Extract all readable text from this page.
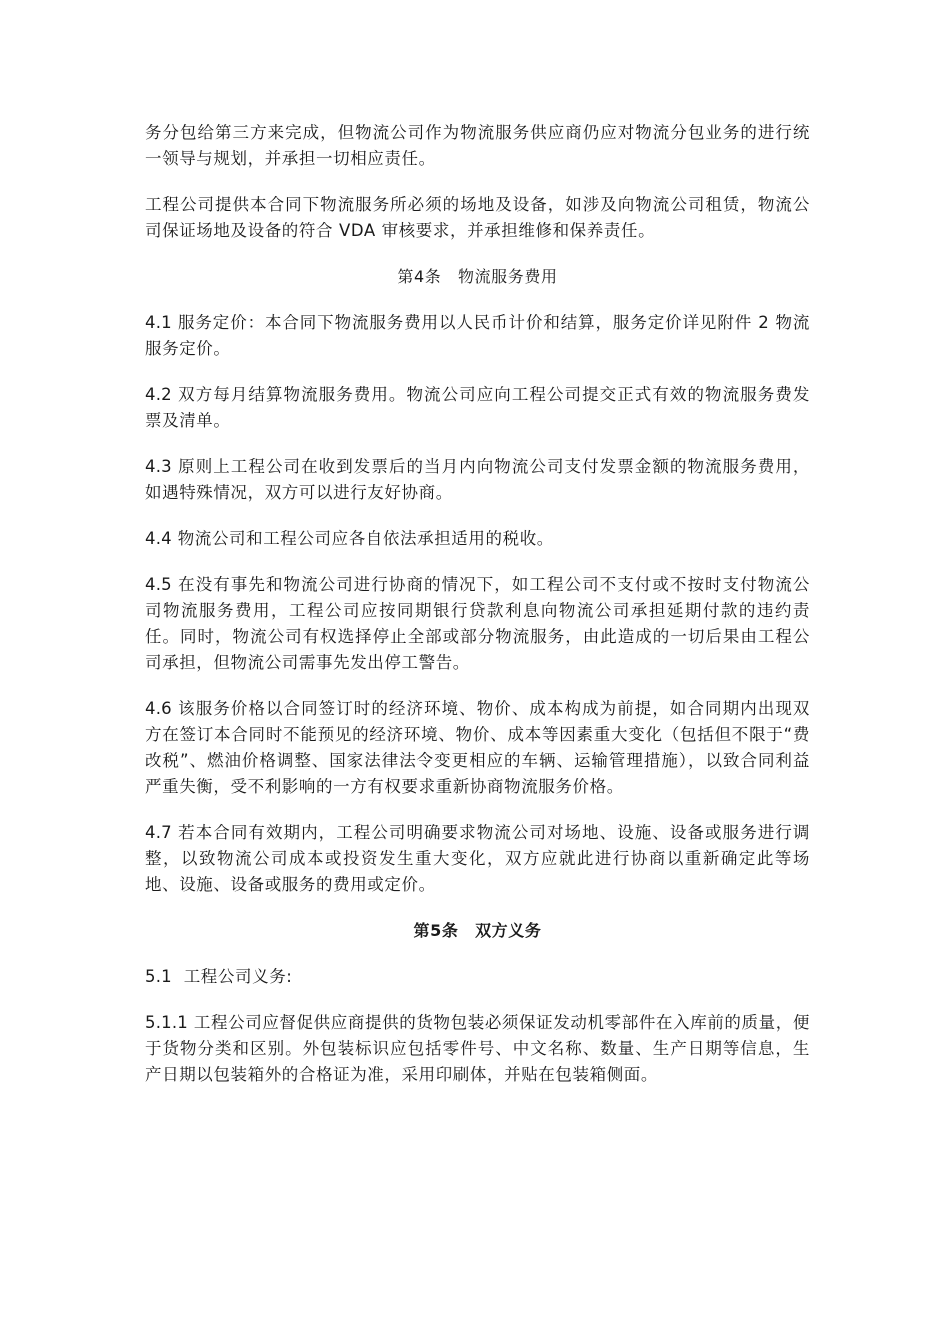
务分包给第三方来完成，但物流公司作为物流服务供应商仍应对物流分包业务的进行统一领导与规划，并承担一切相应责任。

工程公司提供本合同下物流服务所必须的场地及设备，如涉及向物流公司租赁，物流公司保证场地及设备的符合 VDA 审核要求，并承担维修和保养责任。

第4条　物流服务费用

4.1 服务定价：本合同下物流服务费用以人民币计价和结算，服务定价详见附件 2 物流服务定价。

4.2 双方每月结算物流服务费用。物流公司应向工程公司提交正式有效的物流服务费发票及清单。

4.3 原则上工程公司在收到发票后的当月内向物流公司支付发票金额的物流服务费用，如遇特殊情况，双方可以进行友好协商。

4.4 物流公司和工程公司应各自依法承担适用的税收。

4.5 在没有事先和物流公司进行协商的情况下，如工程公司不支付或不按时支付物流公司物流服务费用，工程公司应按同期银行贷款利息向物流公司承担延期付款的违约责任。同时，物流公司有权选择停止全部或部分物流服务，由此造成的一切后果由工程公司承担，但物流公司需事先发出停工警告。

4.6 该服务价格以合同签订时的经济环境、物价、成本构成为前提，如合同期内出现双方在签订本合同时不能预见的经济环境、物价、成本等因素重大变化（包括但不限于“费改税”、燃油价格调整、国家法律法令变更相应的车辆、运输管理措施），以致合同利益严重失衡，受不利影响的一方有权要求重新协商物流服务价格。

4.7 若本合同有效期内，工程公司明确要求物流公司对场地、设施、设备或服务进行调整，以致物流公司成本或投资发生重大变化，双方应就此进行协商以重新确定此等场地、设施、设备或服务的费用或定价。

第5条　双方义务

5.1 工程公司义务:

5.1.1 工程公司应督促供应商提供的货物包装必须保证发动机零部件在入库前的质量，便于货物分类和区别。外包装标识应包括零件号、中文名称、数量、生产日期等信息，生产日期以包装箱外的合格证为准，采用印刷体，并贴在包装箱侧面。
